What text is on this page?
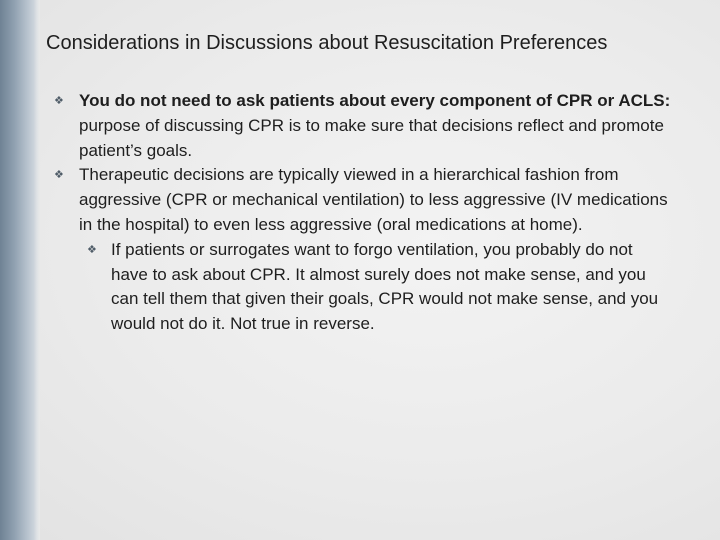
Considerations in Discussions about Resuscitation Preferences
❖ You do not need to ask patients about every component of CPR or ACLS: purpose of discussing CPR is to make sure that decisions reflect and promote patient’s goals.
❖ Therapeutic decisions are typically viewed in a hierarchical fashion from aggressive (CPR or mechanical ventilation) to less aggressive (IV medications in the hospital) to even less aggressive (oral medications at home).
❖ If patients or surrogates want to forgo ventilation, you probably do not have to ask about CPR. It almost surely does not make sense, and you can tell them that given their goals, CPR would not make sense, and you would not do it. Not true in reverse.
